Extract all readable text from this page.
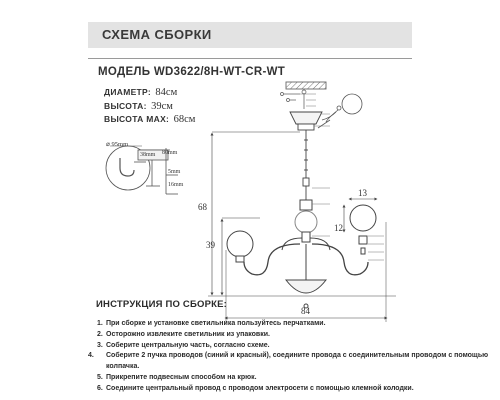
СХЕМА СБОРКИ
МОДЕЛЬ WD3622/8H-WT-CR-WT
ДИАМЕТР: 84см
ВЫСОТА: 39см
ВЫСОТА МАХ: 68см
⌀ 95mm
38mm 80mm
5mm
16mm
68
39
84
13
12
ИНСТРУКЦИЯ ПО СБОРКЕ:
1. При сборке и установке светильника пользуйтесь перчатками.
2. Осторожно извлеките светильник из упаковки.
3. Соберите центральную часть, согласно схеме.
4. Соберите 2 пучка проводов (синий и красный), соедините провода с соединительным проводом с помощью колпачка.
5. Прикрепите подвесным способом на крюк.
6. Соедините центральный провод с проводом электросети с помощью клемной колодки.
